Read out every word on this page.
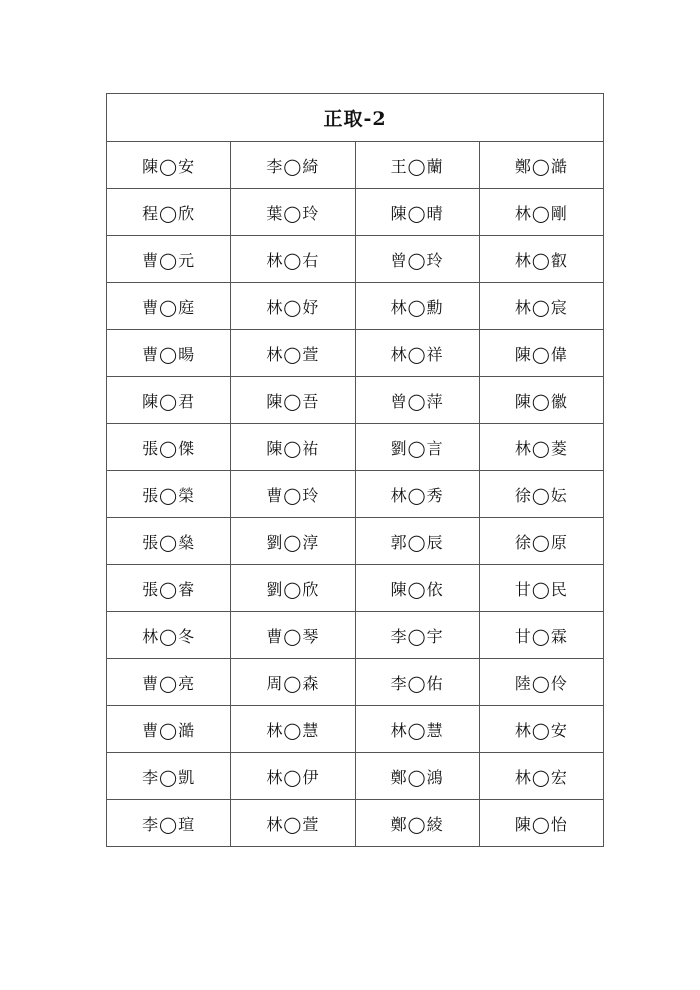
正取-2			
陳◯安	李◯綺	王◯蘭	鄭◯澔
程◯欣	葉◯玲	陳◯晴	林◯剛
曹◯元	林◯右	曾◯玲	林◯叡
曹◯庭	林◯妤	林◯勳	林◯宸
曹◯暘	林◯萱	林◯祥	陳◯偉
陳◯君	陳◯吾	曾◯萍	陳◯徽
張◯傑	陳◯祐	劉◯言	林◯菱
張◯榮	曹◯玲	林◯秀	徐◯妘
張◯燊	劉◯淳	郭◯辰	徐◯原
張◯睿	劉◯欣	陳◯依	甘◯民
林◯冬	曹◯琴	李◯宇	甘◯霖
曹◯亮	周◯森	李◯佑	陸◯伶
曹◯澔	林◯慧	林◯慧	林◯安
李◯凱	林◯伊	鄭◯鴻	林◯宏
李◯瑄	林◯萱	鄭◯綾	陳◯怡
